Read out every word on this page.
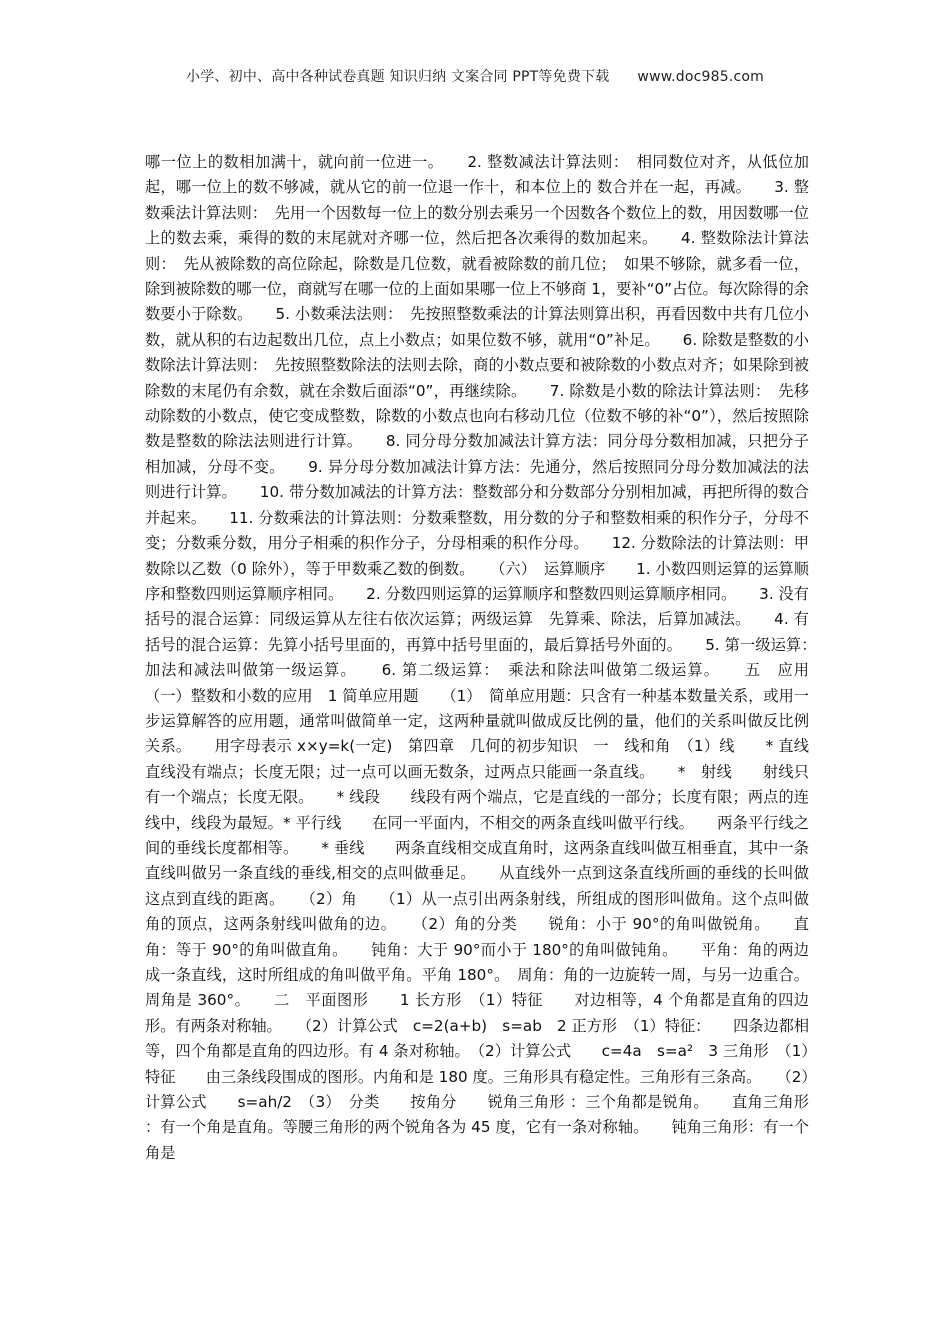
小学、初中、高中各种试卷真题 知识归纳 文案合同 PPT等免费下载 www.doc985.com

哪一位上的数相加满十，就向前一位进一。　　2. 整数减法计算法则：　相同数位对齐，从低位加起，哪一位上的数不够减，就从它的前一位退一作十，和本位上的 数合并在一起，再减。　　3. 整数乘法计算法则：　先用一个因数每一位上的数分别去乘另一个因数各个数位上的数，用因数哪一位上的数去乘，乘得的数的末尾就对齐哪一位，然后把各次乘得的数加起来。　　4. 整数除法计算法则：　先从被除数的高位除起，除数是几位数，就看被除数的前几位；　如果不够除，就多看一位，除到被除数的哪一位，商就写在哪一位的上面如果哪一位上不够商 1，要补“0”占位。每次除得的余数要小于除数。　　5. 小数乘法法则：　先按照整数乘法的计算法则算出积，再看因数中共有几位小数，就从积的右边起数出几位，点上小数点；如果位数不够，就用“0”补足。　　6. 除数是整数的小数除法计算法则：　先按照整数除法的法则去除，商的小数点要和被除数的小数点对齐；如果除到被除数的末尾仍有余数，就在余数后面添“0”，再继续除。　　7. 除数是小数的除法计算法则：　先移动除数的小数点，使它变成整数，除数的小数点也向右移动几位（位数不够的补“0”），然后按照除数是整数的除法法则进行计算。　　8. 同分母分数加减法计算方法：同分母分数相加减，只把分子相加减，分母不变。　　9. 异分母分数加减法计算方法：先通分，然后按照同分母分数加减法的法则进行计算。　　10. 带分数加减法的计算方法：整数部分和分数部分分别相加减，再把所得的数合并起来。　　11. 分数乘法的计算法则：分数乘整数，用分数的分子和整数相乘的积作分子，分母不变；分数乘分数，用分子相乘的积作分子，分母相乘的积作分母。　　12. 分数除法的计算法则：甲数除以乙数（0 除外），等于甲数乘乙数的倒数。　　（六）　运算顺序　　1. 小数四则运算的运算顺序和整数四则运算顺序相同。　　2. 分数四则运算的运算顺序和整数四则运算顺序相同。　　3. 没有括号的混合运算：同级运算从左往右依次运算；两级运算　先算乘、除法，后算加减法。　　4. 有括号的混合运算：先算小括号里面的，再算中括号里面的，最后算括号外面的。　　5. 第一级运算：　加法和减法叫做第一级运算。　　6. 第二级运算：　乘法和除法叫做第二级运算。　　五　应用　（一）整数和小数的应用　1 简单应用题　　（1）　简单应用题：只含有一种基本数量关系，或用一步运算解答的应用题，通常叫做简单一定，这两种量就叫做成反比例的量，他们的关系叫做反比例关系。　　用字母表示 x×y=k(一定)　第四章　几何的初步知识　一　线和角　（1）线　　* 直线　　直线没有端点；长度无限；过一点可以画无数条，过两点只能画一条直线。　　*　射线　　射线只有一个端点；长度无限。　　* 线段　　线段有两个端点，它是直线的一部分；长度有限；两点的连线中，线段为最短。* 平行线　　在同一平面内，不相交的两条直线叫做平行线。　　两条平行线之间的垂线长度都相等。　　* 垂线　　两条直线相交成直角时，这两条直线叫做互相垂直，其中一条直线叫做另一条直线的垂线,相交的点叫做垂足。　　从直线外一点到这条直线所画的垂线的长叫做这点到直线的距离。　　（2）角　　（1）从一点引出两条射线，所组成的图形叫做角。这个点叫做角的顶点，这两条射线叫做角的边。　　（2）角的分类　　锐角：小于 90°的角叫做锐角。　　直角：等于 90°的角叫做直角。　　钝角：大于 90°而小于 180°的角叫做钝角。　　平角：角的两边成一条直线，这时所组成的角叫做平角。平角 180°。　周角：角的一边旋转一周，与另一边重合。周角是 360°。　　二　平面图形　　1 长方形　（1）特征　　对边相等，4 个角都是直角的四边形。有两条对称轴。　　（2）计算公式　c=2(a+b)　s=ab　2 正方形　（1）特征：　　四条边都相等，四个角都是直角的四边形。有 4 条对称轴。　（2）计算公式　　c=4a　s=a²　3 三角形　（1）特征　　由三条线段围成的图形。内角和是 180 度。三角形具有稳定性。三角形有三条高。　　（2）计算公式　　s=ah/2　（3）　分类　　按角分　　锐角三角形 ：三个角都是锐角。　　直角三角形 ：有一个角是直角。等腰三角形的两个锐角各为 45 度，它有一条对称轴。　　钝角三角形：有一个角是
